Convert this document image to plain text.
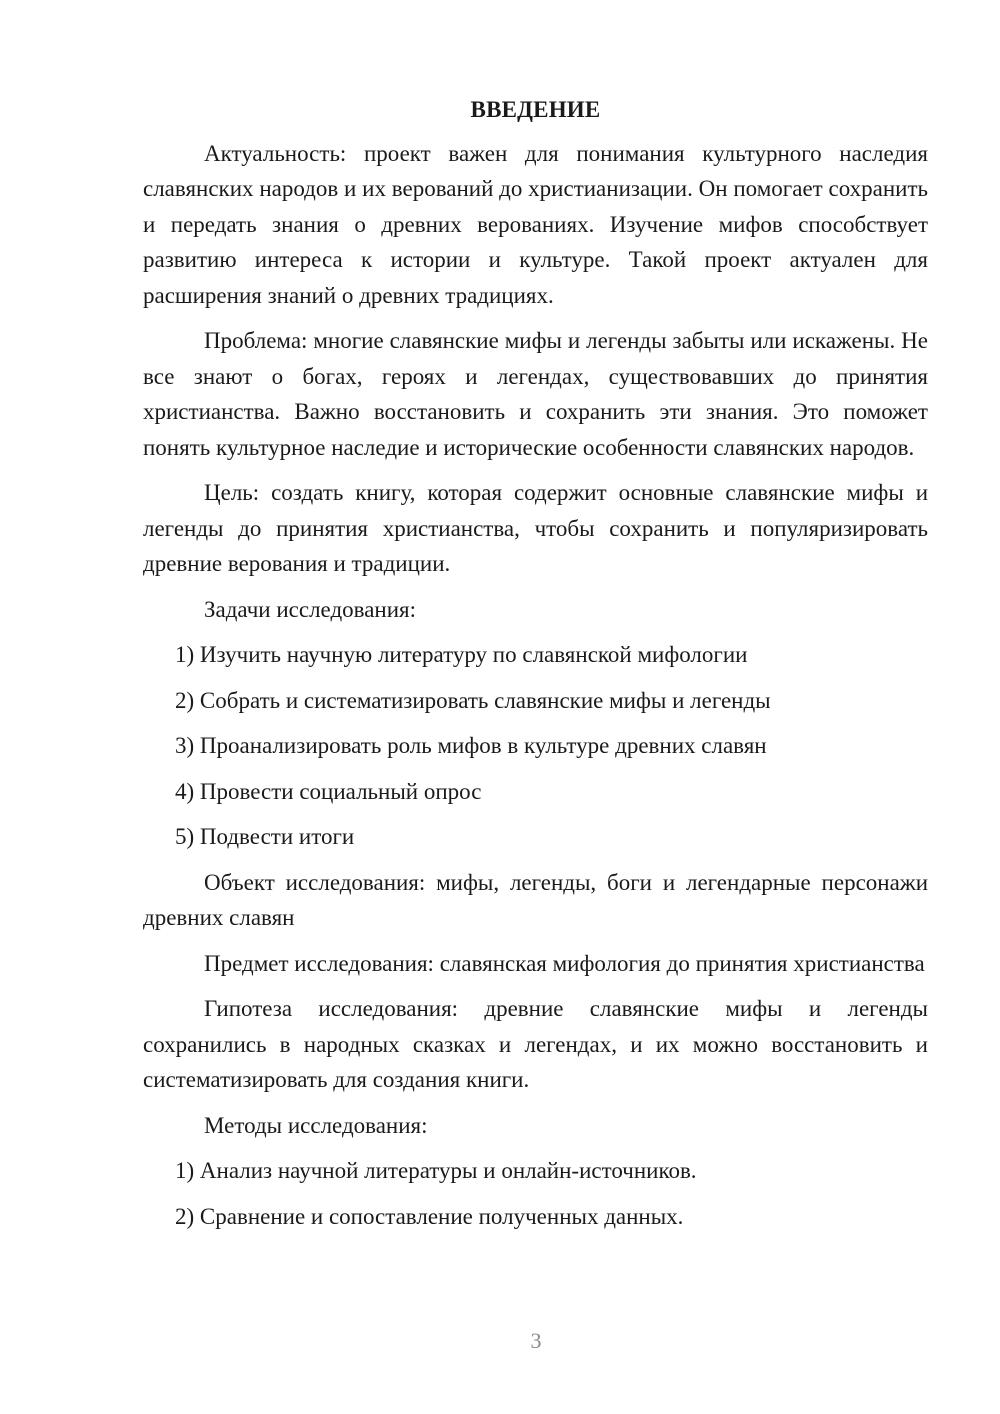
ВВЕДЕНИЕ

Актуальность: проект важен для понимания культурного наследия славянских народов и их верований до христианизации. Он помогает сохранить и передать знания о древних верованиях. Изучение мифов способствует развитию интереса к истории и культуре. Такой проект актуален для расширения знаний о древних традициях.

Проблема: многие славянские мифы и легенды забыты или искажены. Не все знают о богах, героях и легендах, существовавших до принятия христианства. Важно восстановить и сохранить эти знания. Это поможет понять культурное наследие и исторические особенности славянских народов.

Цель: создать книгу, которая содержит основные славянские мифы и легенды до принятия христианства, чтобы сохранить и популяризировать древние верования и традиции.

Задачи исследования:

1) Изучить научную литературу по славянской мифологии
2) Собрать и систематизировать славянские мифы и легенды
3) Проанализировать роль мифов в культуре древних славян
4) Провести социальный опрос
5) Подвести итоги

Объект исследования: мифы, легенды, боги и легендарные персонажи древних славян

Предмет исследования: славянская мифология до принятия христианства

Гипотеза исследования: древние славянские мифы и легенды сохранились в народных сказках и легендах, и их можно восстановить и систематизировать для создания книги.

Методы исследования:

1) Анализ научной литературы и онлайн-источников.
2) Сравнение и сопоставление полученных данных.
3
